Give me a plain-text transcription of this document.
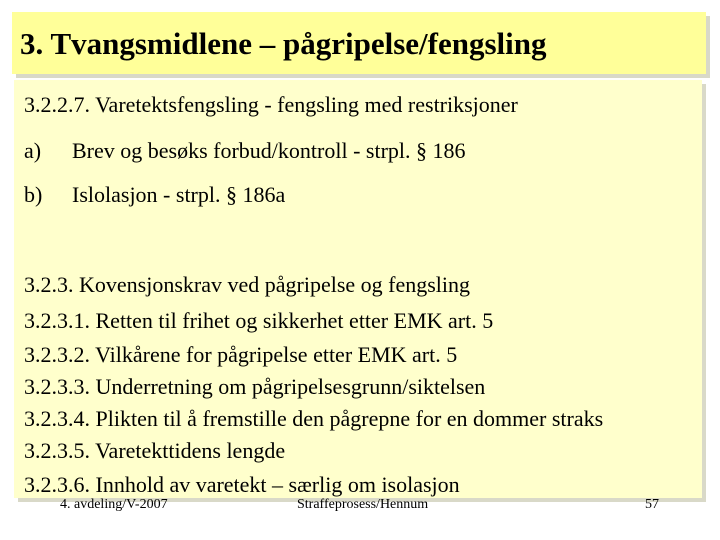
3. Tvangsmidlene – pågripelse/fengsling
3.2.2.7. Varetektsfengsling - fengsling med restriksjoner
a) Brev og besøks forbud/kontroll - strpl. § 186
b) Islolasjon - strpl. § 186a
3.2.3. Kovensjonskrav ved pågripelse og fengsling
3.2.3.1. Retten til frihet og sikkerhet etter EMK art. 5
3.2.3.2. Vilkårene for pågripelse etter EMK art. 5
3.2.3.3. Underretning om pågripelsesgrunn/siktelsen
3.2.3.4. Plikten til å fremstille den pågrepne for en dommer straks
3.2.3.5. Varetekttidens lengde
3.2.3.6. Innhold av varetekt – særlig om isolasjon
4. avdeling/V-2007	Straffeprosess/Hennum	57
